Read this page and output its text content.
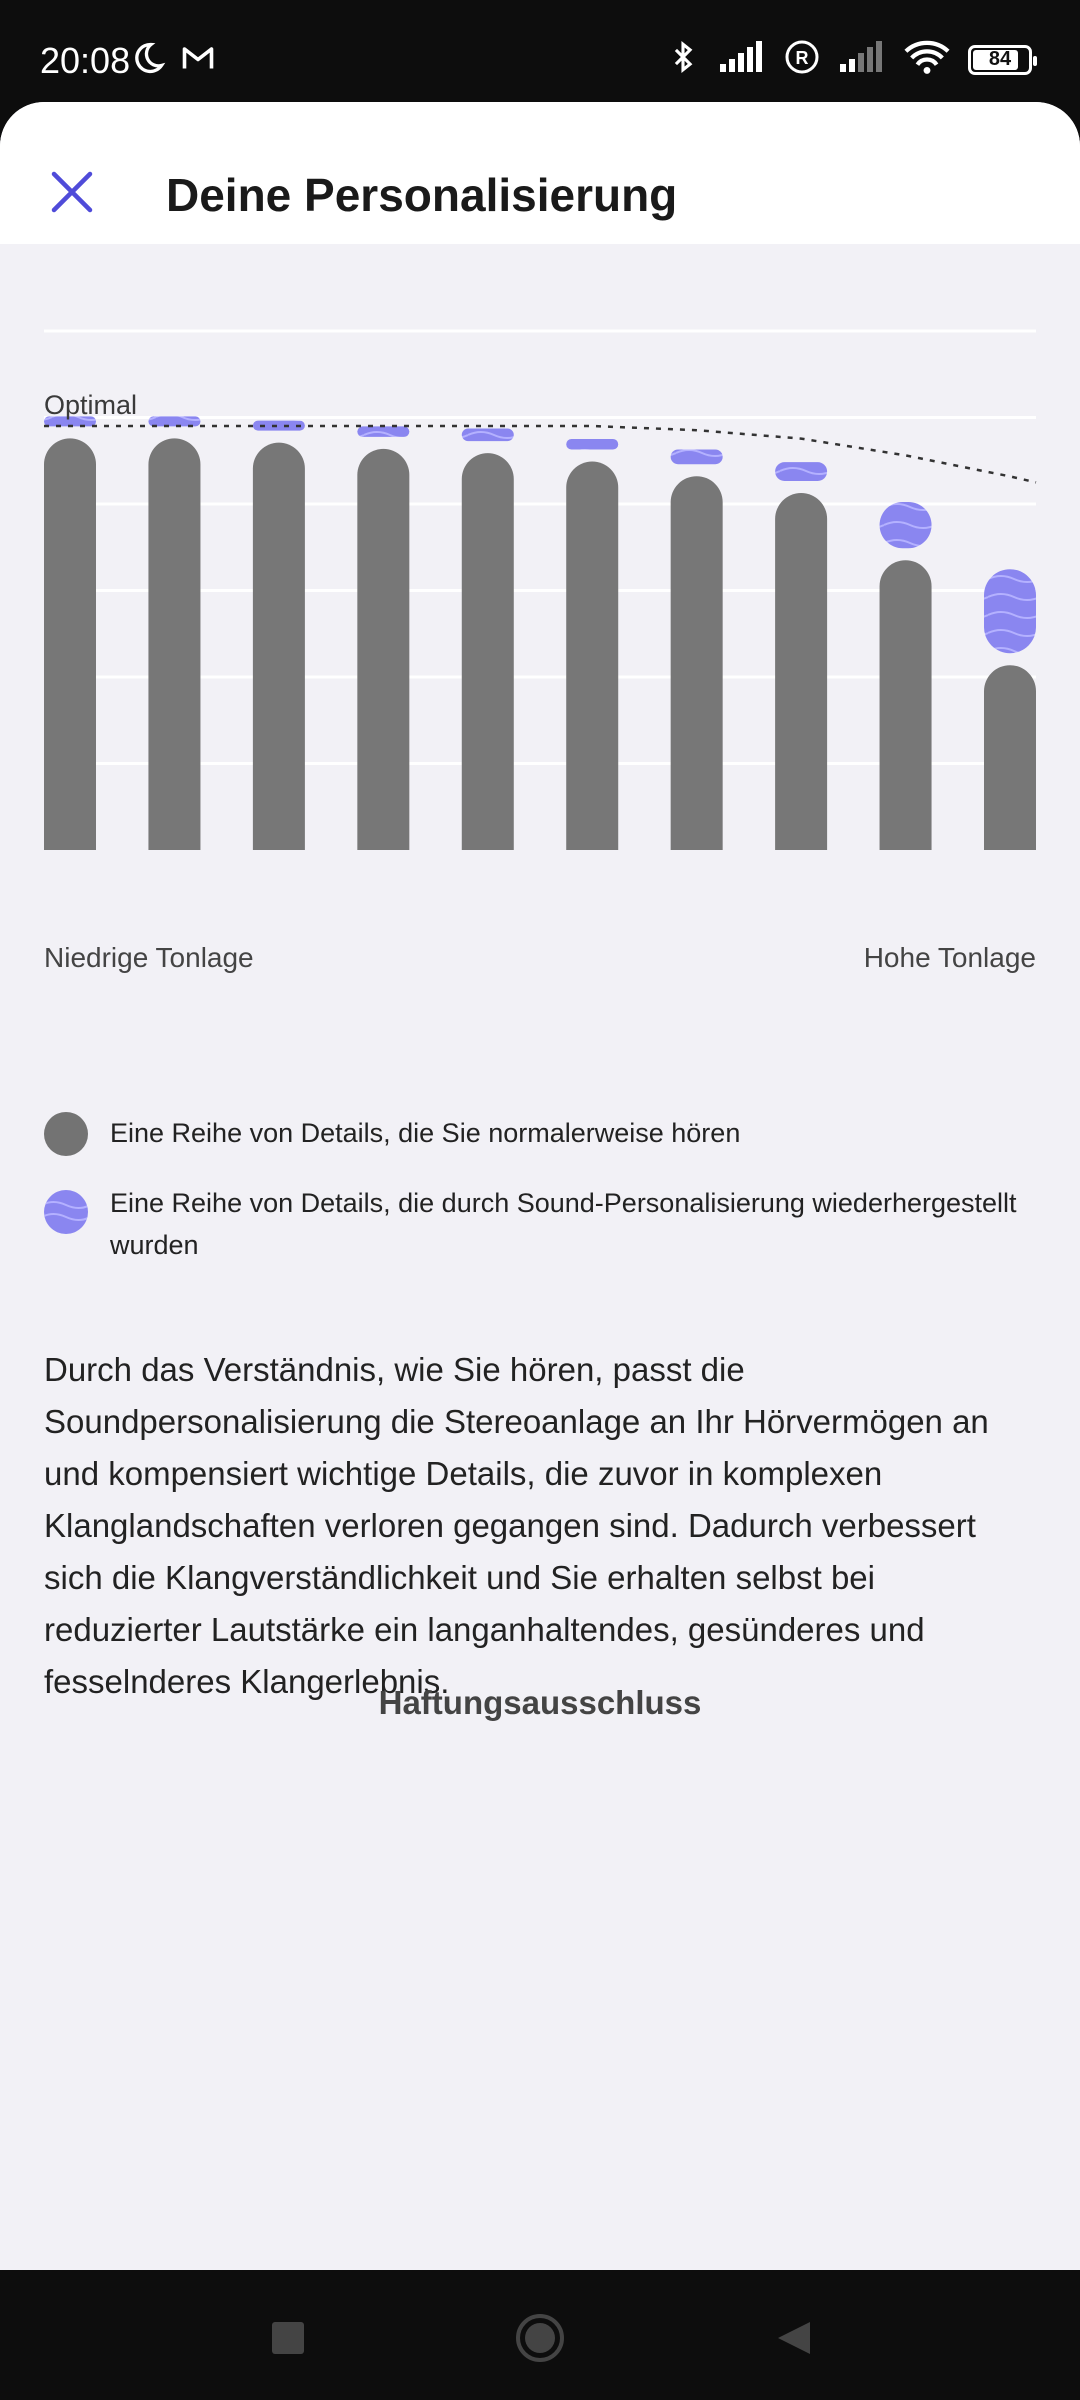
20:08	R	84
Deine Personalisierung
Optimal
Niedrige Tonlage	Hohe Tonlage
Eine Reihe von Details, die Sie normalerweise hören
Eine Reihe von Details, die durch Sound-Personalisierung wiederhergestellt wurden
Durch das Verständnis, wie Sie hören, passt die Soundpersonalisierung die Stereoanlage an Ihr Hörvermögen an und kompensiert wichtige Details, die zuvor in komplexen Klanglandschaften verloren gegangen sind. Dadurch verbessert sich die Klangverständlichkeit und Sie erhalten selbst bei reduzierter Lautstärke ein langanhaltendes, gesünderes und fesselnderes Klangerlebnis.
Haftungsausschluss
